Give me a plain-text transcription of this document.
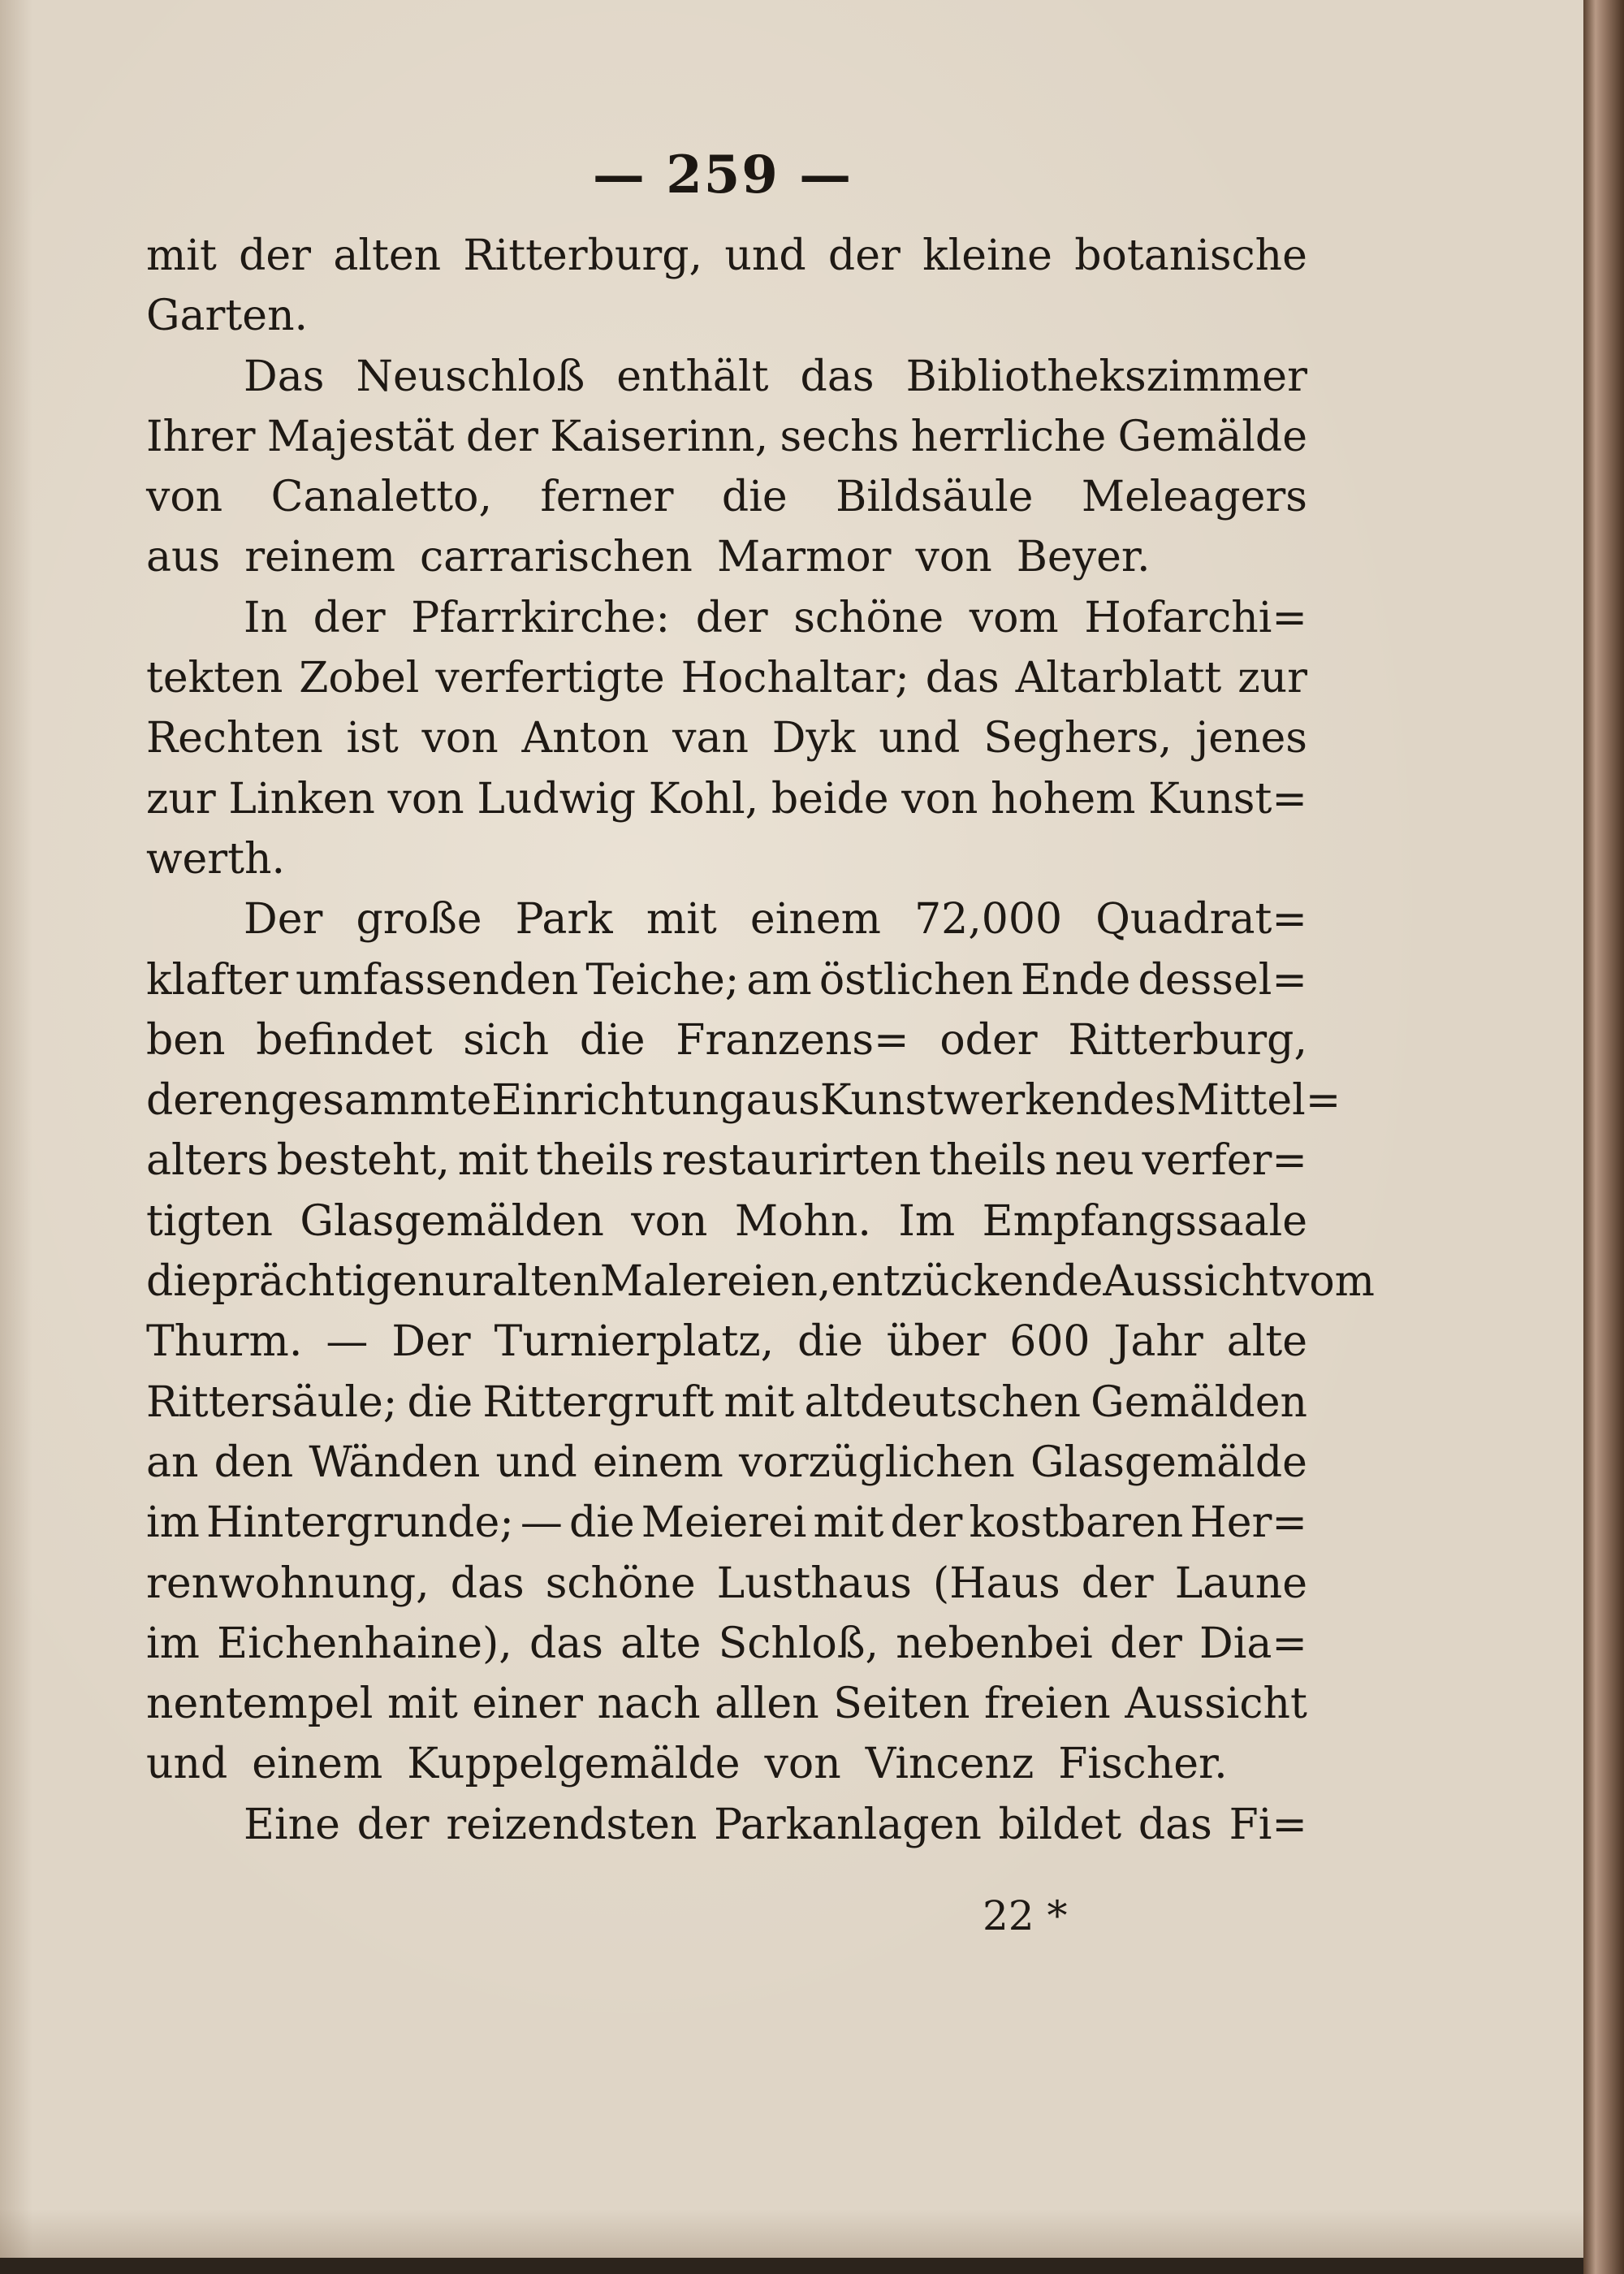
— 259 —
mit der alten Ritterburg, und der kleine botanische
Garten.
Das Neuschloß enthält das Bibliothekszimmer
Ihrer Majestät der Kaiserinn, sechs herrliche Gemälde
von Canaletto, ferner die Bildsäule Meleagers
aus reinem carrarischen Marmor von Beyer.
In der Pfarrkirche: der schöne vom Hofarchi=
tekten Zobel verfertigte Hochaltar; das Altarblatt zur
Rechten ist von Anton van Dyk und Seghers, jenes
zur Linken von Ludwig Kohl, beide von hohem Kunst=
werth.
Der große Park mit einem 72,000 Quadrat=
klafter umfassenden Teiche; am östlichen Ende dessel=
ben befindet sich die Franzens= oder Ritterburg,
deren gesammte Einrichtung aus Kunstwerken des Mittel=
alters besteht, mit theils restaurirten theils neu verfer=
tigten Glasgemälden von Mohn. Im Empfangssaale
die prächtigen uralten Malereien, entzückende Aussicht vom
Thurm. — Der Turnierplatz, die über 600 Jahr alte
Rittersäule; die Rittergruft mit altdeutschen Gemälden
an den Wänden und einem vorzüglichen Glasgemälde
im Hintergrunde; — die Meierei mit der kostbaren Her=
renwohnung, das schöne Lusthaus (Haus der Laune
im Eichenhaine), das alte Schloß, nebenbei der Dia=
nentempel mit einer nach allen Seiten freien Aussicht
und einem Kuppelgemälde von Vincenz Fischer.
Eine der reizendsten Parkanlagen bildet das Fi=
22 *
